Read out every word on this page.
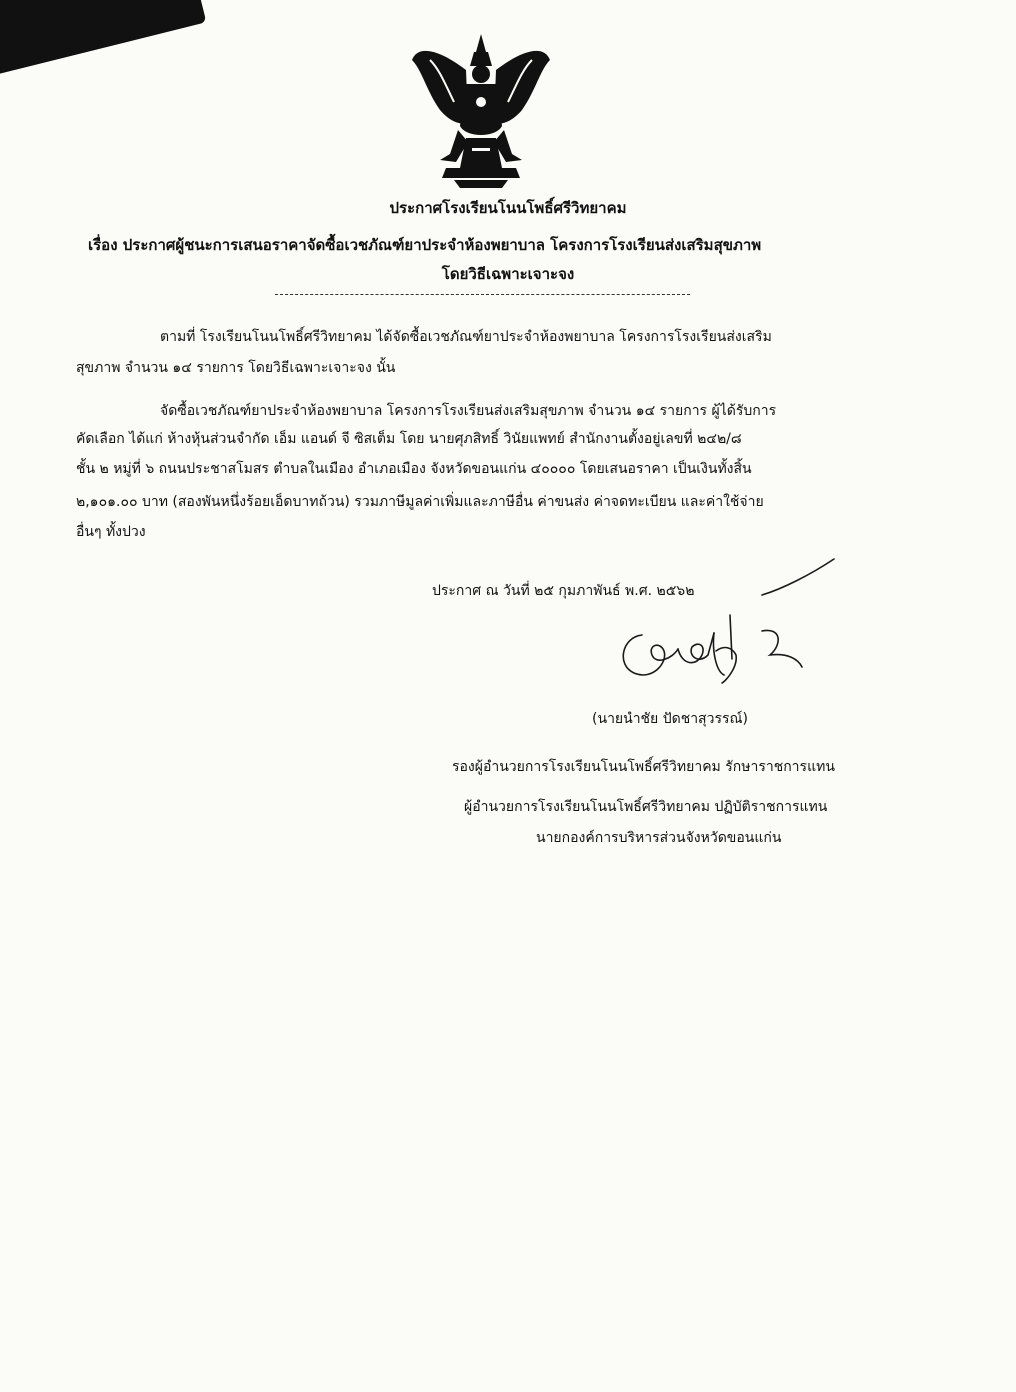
ประกาศโรงเรียนโนนโพธิ์ศรีวิทยาคม
เรื่อง ประกาศผู้ชนะการเสนอราคาจัดซื้อเวชภัณฑ์ยาประจำห้องพยาบาล โครงการโรงเรียนส่งเสริมสุขภาพ
โดยวิธีเฉพาะเจาะจง
ตามที่ โรงเรียนโนนโพธิ์ศรีวิทยาคม ได้จัดซื้อเวชภัณฑ์ยาประจำห้องพยาบาล โครงการโรงเรียนส่งเสริม
สุขภาพ จำนวน ๑๔ รายการ โดยวิธีเฉพาะเจาะจง นั้น
จัดซื้อเวชภัณฑ์ยาประจำห้องพยาบาล โครงการโรงเรียนส่งเสริมสุขภาพ จำนวน ๑๔ รายการ ผู้ได้รับการ
คัดเลือก ได้แก่ ห้างหุ้นส่วนจำกัด เอ็ม แอนด์ จี ซิสเต็ม โดย นายศุภสิทธิ์ วินัยแพทย์ สำนักงานตั้งอยู่เลขที่ ๒๔๒/๘
ชั้น ๒ หมู่ที่ ๖ ถนนประชาสโมสร ตำบลในเมือง อำเภอเมือง จังหวัดขอนแก่น ๔๐๐๐๐ โดยเสนอราคา เป็นเงินทั้งสิ้น
๒,๑๐๑.๐๐ บาท (สองพันหนึ่งร้อยเอ็ดบาทถ้วน) รวมภาษีมูลค่าเพิ่มและภาษีอื่น ค่าขนส่ง ค่าจดทะเบียน และค่าใช้จ่าย
อื่นๆ ทั้งปวง
ประกาศ ณ วันที่ ๒๕ กุมภาพันธ์ พ.ศ. ๒๕๖๒
(นายนำชัย ปัดชาสุวรรณ์)
รองผู้อำนวยการโรงเรียนโนนโพธิ์ศรีวิทยาคม รักษาราชการแทน
ผู้อำนวยการโรงเรียนโนนโพธิ์ศรีวิทยาคม ปฏิบัติราชการแทน
นายกองค์การบริหารส่วนจังหวัดขอนแก่น
